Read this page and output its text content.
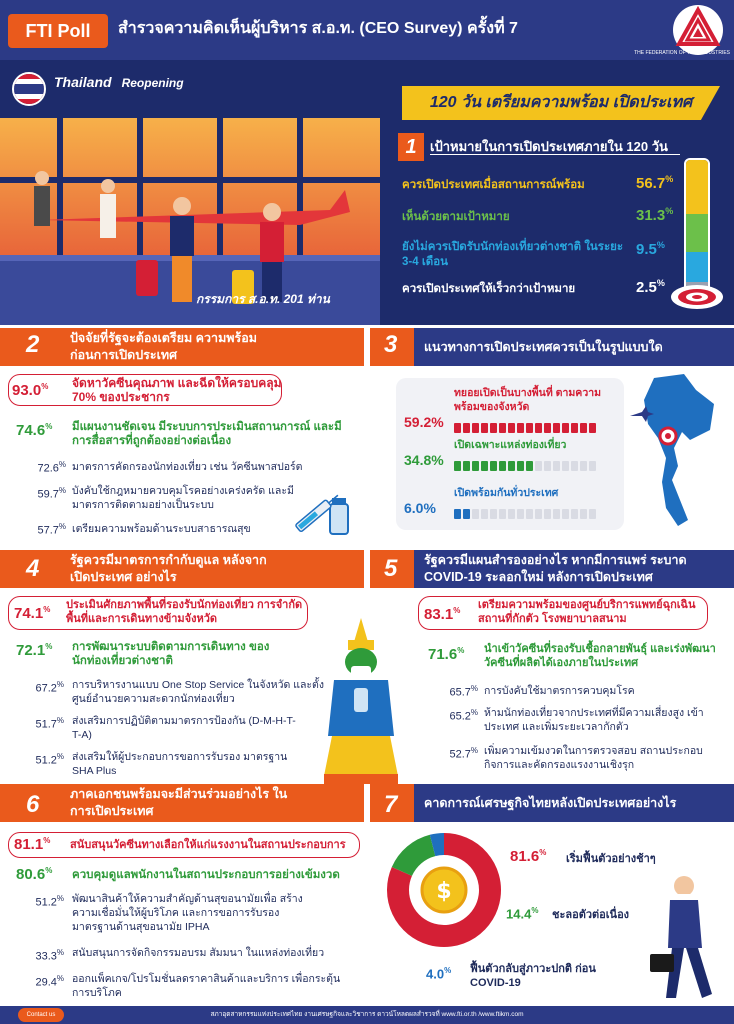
FTI Poll	สำรวจความคิดเห็นผู้บริหาร ส.อ.ท. (CEO Survey) ครั้งที่ 7
THE FEDERATION OF THAI INDUSTRIES
Thailand Reopening
120 วัน เตรียมความพร้อม เปิดประเทศ
กรรมการ ส.อ.ท. 201 ท่าน
1	เป้าหมายในการเปิดประเทศภายใน 120 วัน
ควรเปิดประเทศเมื่อสถานการณ์พร้อม	56.7%
เห็นด้วยตามเป้าหมาย	31.3%
ยังไม่ควรเปิดรับนักท่องเที่ยวต่างชาติ ในระยะ 3-4 เดือน
9.5%
ควรเปิดประเทศให้เร็วกว่าเป้าหมาย	2.5%
2 ปัจจัยที่รัฐจะต้องเตรียม ความพร้อม ก่อนการเปิดประเทศ	3 แนวทางการเปิดประเทศควรเป็นในรูปแบบใด
93.0% จัดหาวัคซีนคุณภาพ และฉีดให้ครอบคลุม 70% ของประชากร
74.6% มีแผนงานชัดเจน มีระบบการประเมินสถานการณ์ และมีการสื่อสารที่ถูกต้องอย่างต่อเนื่อง
72.6% มาตรการคัดกรองนักท่องเที่ยว เช่น วัคซีนพาสปอร์ต
59.7% บังคับใช้กฎหมายควบคุมโรคอย่างเคร่งครัด และมีมาตรการติดตามอย่างเป็นระบบ
57.7% เตรียมความพร้อมด้านระบบสาธารณสุข
ทยอยเปิดเป็นบางพื้นที่ ตามความพร้อมของจังหวัด
59.2%
เปิดเฉพาะแหล่งท่องเที่ยว
34.8%
เปิดพร้อมกันทั่วประเทศ
6.0%
4 รัฐควรมีมาตรการกำกับดูแล หลังจาก เปิดประเทศ อย่างไร	5 รัฐควรมีแผนสำรองอย่างไร หากมีการแพร่ ระบาด COVID-19 ระลอกใหม่ หลังการเปิดประเทศ
74.1% ประเมินศักยภาพพื้นที่รองรับนักท่องเที่ยว การจำกัดพื้นที่และการเดินทางข้ามจังหวัด
72.1% การพัฒนาระบบติดตามการเดินทาง ของนักท่องเที่ยวต่างชาติ
67.2% การบริหารงานแบบ One Stop Service ในจังหวัด และตั้งศูนย์อำนวยความสะดวกนักท่องเที่ยว
51.7% ส่งเสริมการปฏิบัติตามมาตรการป้องกัน (D-M-H-T-T-A)
51.2% ส่งเสริมให้ผู้ประกอบการขอการรับรอง มาตรฐาน SHA Plus
83.1% เตรียมความพร้อมของศูนย์บริการแพทย์ฉุกเฉิน สถานที่กักตัว โรงพยาบาลสนาม
71.6% นำเข้าวัคซีนที่รองรับเชื้อกลายพันธุ์ และเร่งพัฒนา วัคซีนที่ผลิตได้เองภายในประเทศ
65.7% การบังคับใช้มาตรการควบคุมโรค
65.2% ห้ามนักท่องเที่ยวจากประเทศที่มีความเสี่ยงสูง เข้าประเทศ และเพิ่มระยะเวลากักตัว
52.7% เพิ่มความเข้มงวดในการตรวจสอบ สถานประกอบกิจการและคัดกรองแรงงานเชิงรุก
6 ภาคเอกชนพร้อมจะมีส่วนร่วมอย่างไร ในการเปิดประเทศ	7 คาดการณ์เศรษฐกิจไทยหลังเปิดประเทศอย่างไร
81.1% สนับสนุนวัคซีนทางเลือกให้แก่แรงงานในสถานประกอบการ
80.6% ควบคุมดูแลพนักงานในสถานประกอบการอย่างเข้มงวด
51.2% พัฒนาสินค้าให้ความสำคัญด้านสุขอนามัยเพื่อ สร้างความเชื่อมั่นให้ผู้บริโภค และการขอการรับรอง มาตรฐานด้านสุขอนามัย IPHA
33.3% สนับสนุนการจัดกิจกรรมอบรม สัมมนา ในแหล่งท่องเที่ยว
29.4% ออกแพ็คเกจ/โปรโมชั่นลดราคาสินค้าและบริการ เพื่อกระตุ้นการบริโภค
$
81.6%
เริ่มฟื้นตัวอย่างช้าๆ
14.4% ชะลอตัวต่อเนื่อง
4.0% ฟื้นตัวกลับสู่ภาวะปกติ ก่อน COVID-19
สภาอุตสาหกรรมแห่งประเทศไทย งานเศรษฐกิจและวิชาการ ดาวน์โหลดผลสำรวจที่ www.fti.or.th /www.ftikm.com
Contact us
